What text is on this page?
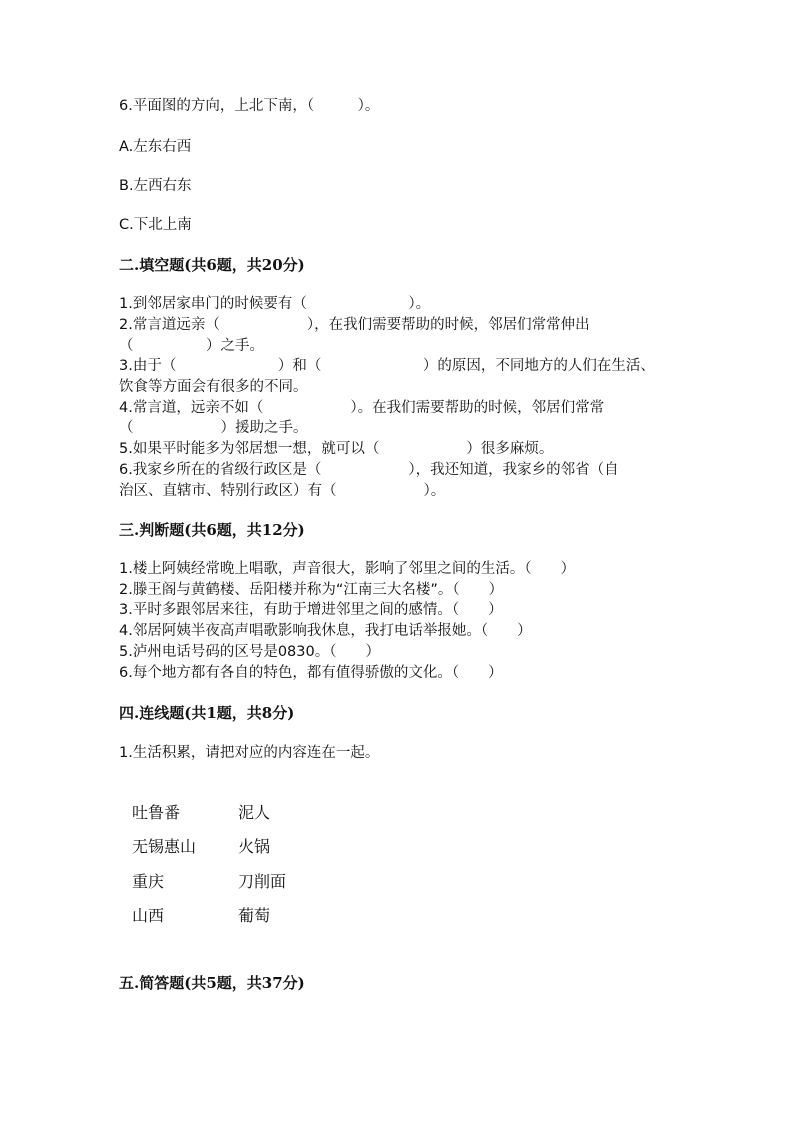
6.平面图的方向，上北下南，（　　　）。
A.左东右西
B.左西右东
C.下北上南
二.填空题(共6题，共20分)
1.到邻居家串门的时候要有（　　　　　　　）。
2.常言道远亲（　　　　　　），在我们需要帮助的时候，邻居们常常伸出
（　　　　　）之手。
3.由于（　　　　　　　）和（　　　　　　　）的原因，不同地方的人们在生活、
饮食等方面会有很多的不同。
4.常言道，远亲不如（　　　　　　）。在我们需要帮助的时候，邻居们常常
（　　　　　　）援助之手。
5.如果平时能多为邻居想一想，就可以（　　　　　　）很多麻烦。
6.我家乡所在的省级行政区是（　　　　　　），我还知道，我家乡的邻省（自
治区、直辖市、特别行政区）有（　　　　　　）。
三.判断题(共6题，共12分)
1.楼上阿姨经常晚上唱歌，声音很大，影响了邻里之间的生活。（　　）
2.滕王阁与黄鹤楼、岳阳楼并称为“江南三大名楼”。（　　）
3.平时多跟邻居来往，有助于增进邻里之间的感情。（　　）
4.邻居阿姨半夜高声唱歌影响我休息，我打电话举报她。（　　）
5.泸州电话号码的区号是0830。（　　）
6.每个地方都有各自的特色，都有值得骄傲的文化。（　　）
四.连线题(共1题，共8分)
1.生活积累，请把对应的内容连在一起。
吐鲁番
无锡惠山
重庆
山西
泥人
火锅
刀削面
葡萄
五.简答题(共5题，共37分)
